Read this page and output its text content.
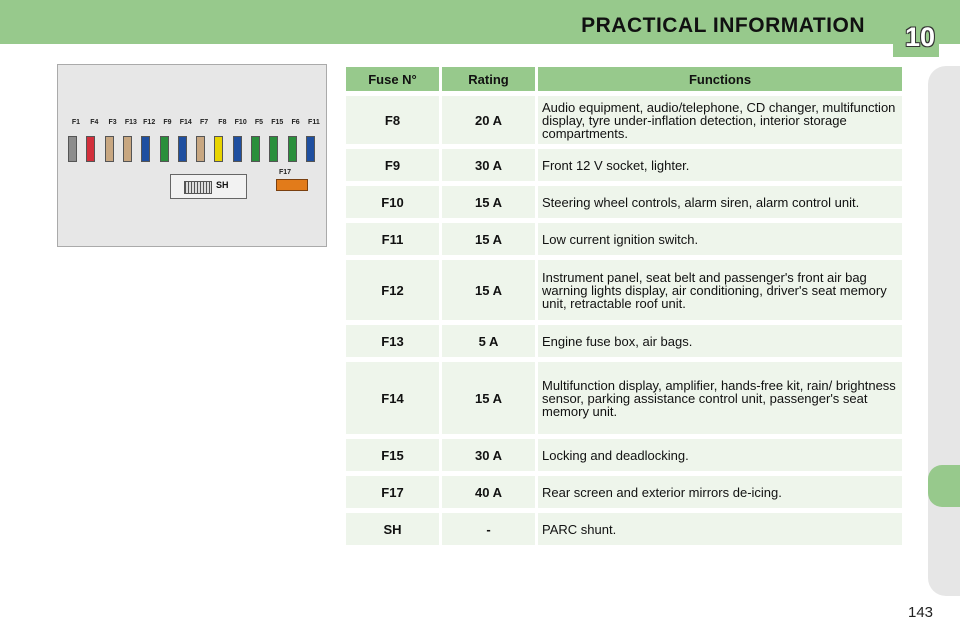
PRACTICAL INFORMATION 10
F1	F4	F3	F13 F12	F9	F14	F7	F8	F10	F5	F15	F6	F11
SH
F17
Fuse N°	Rating	Functions
F8	20 A	Audio equipment, audio/telephone, CD changer, multifunction display, tyre under-inflation detection, interior storage compartments.
F9	30 A	Front 12 V socket, lighter.
F10	15 A	Steering wheel controls, alarm siren, alarm control unit.
F11	15 A	Low current ignition switch.
F12	15 A	Instrument panel, seat belt and passenger's front air bag warning lights display, air conditioning, driver's seat memory unit, retractable roof unit.
F13	5 A	Engine fuse box, air bags.
F14	15 A	Multifunction display, amplifier, hands-free kit, rain/ brightness sensor, parking assistance control unit, passenger's seat memory unit.
F15	30 A	Locking and deadlocking.
F17	40 A	Rear screen and exterior mirrors de-icing.
SH	-	PARC shunt.
143
